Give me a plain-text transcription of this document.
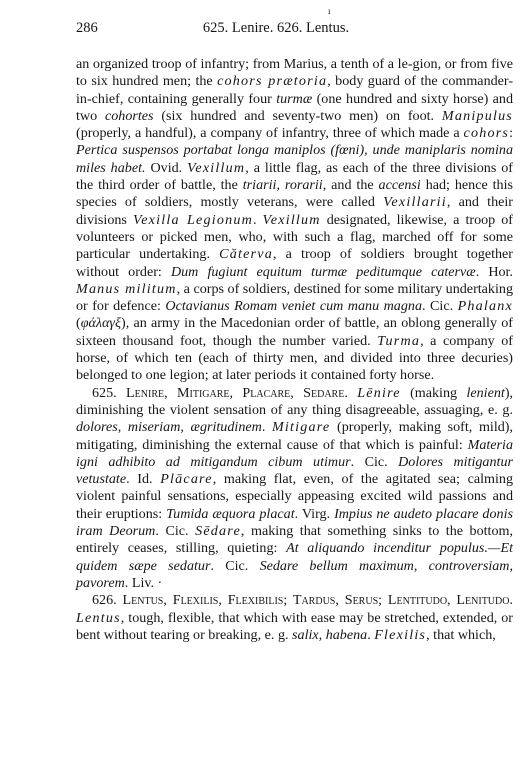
286	625. Lenire. 626. Lentus.
ı

an organized troop of infantry; from Marius, a tenth of a le-gion, or from five to six hundred men; the cohors prætoria, body guard of the commander-in-chief, containing generally four turmæ (one hundred and sixty horse) and two cohortes (six hundred and seventy-two men) on foot. Manipulus (properly, a handful), a company of infantry, three of which made a cohors: Pertica suspensos portabat longa maniplos (fœni), unde maniplaris nomina miles habet. Ovid. Vexillum, a little flag, as each of the three divisions of the third order of battle, the triarii, rorarii, and the accensi had; hence this species of soldiers, mostly veterans, were called Vexillarii, and their divisions Vexilla Legionum. Vexillum designated, likewise, a troop of volunteers or picked men, who, with such a flag, marched off for some particular undertaking. Căterva, a troop of soldiers brought together without order: Dum fugiunt equitum turmæ peditumque catervæ. Hor. Manus militum, a corps of soldiers, destined for some military undertaking or for defence: Octavianus Romam veniet cum manu magna. Cic. Phalanx (φάλαγξ), an army in the Macedonian order of battle, an oblong generally of sixteen thousand foot, though the number varied. Turma, a company of horse, of which ten (each of thirty men, and divided into three decuries) belonged to one legion; at later periods it contained forty horse.

625. Lenire, Mitigare, Placare, Sedare. Lēnire (making lenient), diminishing the violent sensation of any thing disagreeable, assuaging, e. g. dolores, miseriam, ægritudinem. Mitigare (properly, making soft, mild), mitigating, diminishing the external cause of that which is painful: Materia igni adhibito ad mitigandum cibum utimur. Cic. Dolores mitigantur vetustate. Id. Plācare, making flat, even, of the agitated sea; calming violent painful sensations, especially appeasing excited wild passions and their eruptions: Tumida æquora placat. Virg. Impius ne audeto placare donis iram Deorum. Cic. Sēdare, making that something sinks to the bottom, entirely ceases, stilling, quieting: At aliquando incenditur populus.—Et quidem sæpe sedatur. Cic. Sedare bellum maximum, controversiam, pavorem. Liv. ·

626. Lentus, Flexilis, Flexibilis; Tardus, Serus; Lentitudo, Lenitudo. Lentus, tough, flexible, that which with ease may be stretched, extended, or bent without tearing or breaking, e. g. salix, habena. Flexilis, that which,
